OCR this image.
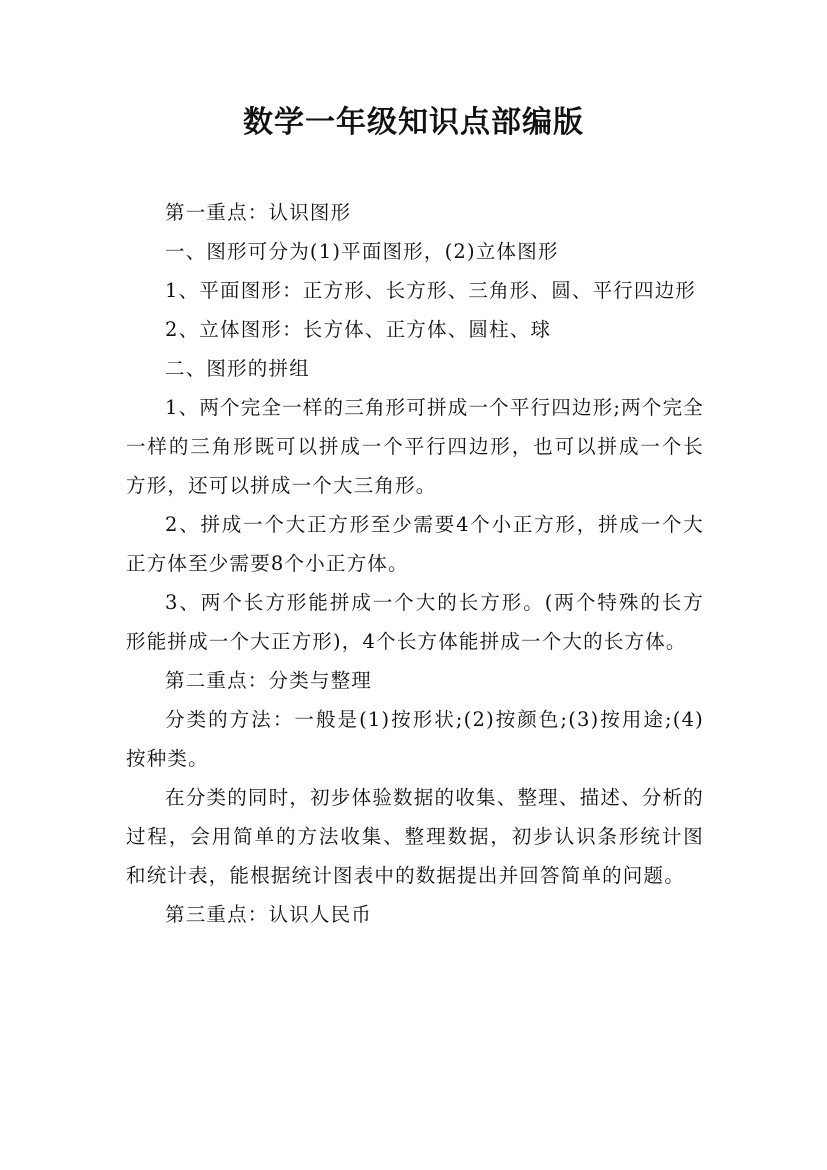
数学一年级知识点部编版

第一重点：认识图形

一、图形可分为(1)平面图形，(2)立体图形

1、平面图形：正方形、长方形、三角形、圆、平行四边形

2、立体图形：长方体、正方体、圆柱、球

二、图形的拼组

1、两个完全一样的三角形可拼成一个平行四边形;两个完全一样的三角形既可以拼成一个平行四边形，也可以拼成一个长方形，还可以拼成一个大三角形。

2、拼成一个大正方形至少需要4个小正方形，拼成一个大正方体至少需要8个小正方体。

3、两个长方形能拼成一个大的长方形。(两个特殊的长方形能拼成一个大正方形)，4个长方体能拼成一个大的长方体。

第二重点：分类与整理

分类的方法：一般是(1)按形状;(2)按颜色;(3)按用途;(4)按种类。

在分类的同时，初步体验数据的收集、整理、描述、分析的过程，会用简单的方法收集、整理数据，初步认识条形统计图和统计表，能根据统计图表中的数据提出并回答简单的问题。

第三重点：认识人民币
